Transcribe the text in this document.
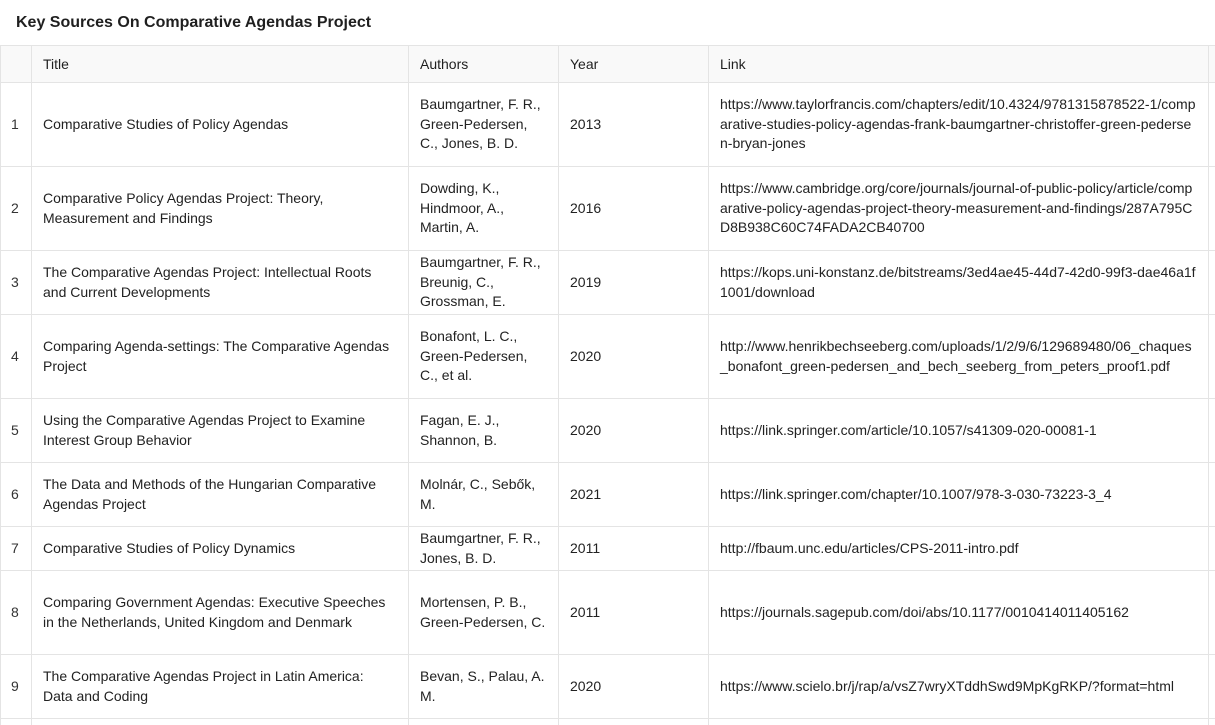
Key Sources On Comparative Agendas Project
	Title	Authors	Year	Link	
1	Comparative Studies of Policy Agendas	Baumgartner, F. R., Green-Pedersen, C., Jones, B. D.	2013	https://www.taylorfrancis.com/chapters/edit/10.4324/9781315878522-1/comparative-studies-policy-agendas-frank-baumgartner-christoffer-green-pedersen-bryan-jones	
2	Comparative Policy Agendas Project: Theory, Measurement and Findings	Dowding, K., Hindmoor, A., Martin, A.	2016	https://www.cambridge.org/core/journals/journal-of-public-policy/article/comparative-policy-agendas-project-theory-measurement-and-findings/287A795CD8B938C60C74FADA2CB40700	
3	The Comparative Agendas Project: Intellectual Roots and Current Developments	Baumgartner, F. R., Breunig, C., Grossman, E.	2019	https://kops.uni-konstanz.de/bitstreams/3ed4ae45-44d7-42d0-99f3-dae46a1f1001/download	
4	Comparing Agenda-settings: The Comparative Agendas Project	Bonafont, L. C., Green-Pedersen, C., et al.	2020	http://www.henrikbechseeberg.com/uploads/1/2/9/6/129689480/06_chaques_bonafont_green-pedersen_and_bech_seeberg_from_peters_proof1.pdf	
5	Using the Comparative Agendas Project to Examine Interest Group Behavior	Fagan, E. J., Shannon, B.	2020	https://link.springer.com/article/10.1057/s41309-020-00081-1	
6	The Data and Methods of the Hungarian Comparative Agendas Project	Molnár, C., Sebők, M.	2021	https://link.springer.com/chapter/10.1007/978-3-030-73223-3_4	
7	Comparative Studies of Policy Dynamics	Baumgartner, F. R., Jones, B. D.	2011	http://fbaum.unc.edu/articles/CPS-2011-intro.pdf	
8	Comparing Government Agendas: Executive Speeches in the Netherlands, United Kingdom and Denmark	Mortensen, P. B., Green-Pedersen, C.	2011	https://journals.sagepub.com/doi/abs/10.1177/0010414011405162	
9	The Comparative Agendas Project in Latin America: Data and Coding	Bevan, S., Palau, A. M.	2020	https://www.scielo.br/j/rap/a/vsZ7wryXTddhSwd9MpKgRKP/?format=html	
